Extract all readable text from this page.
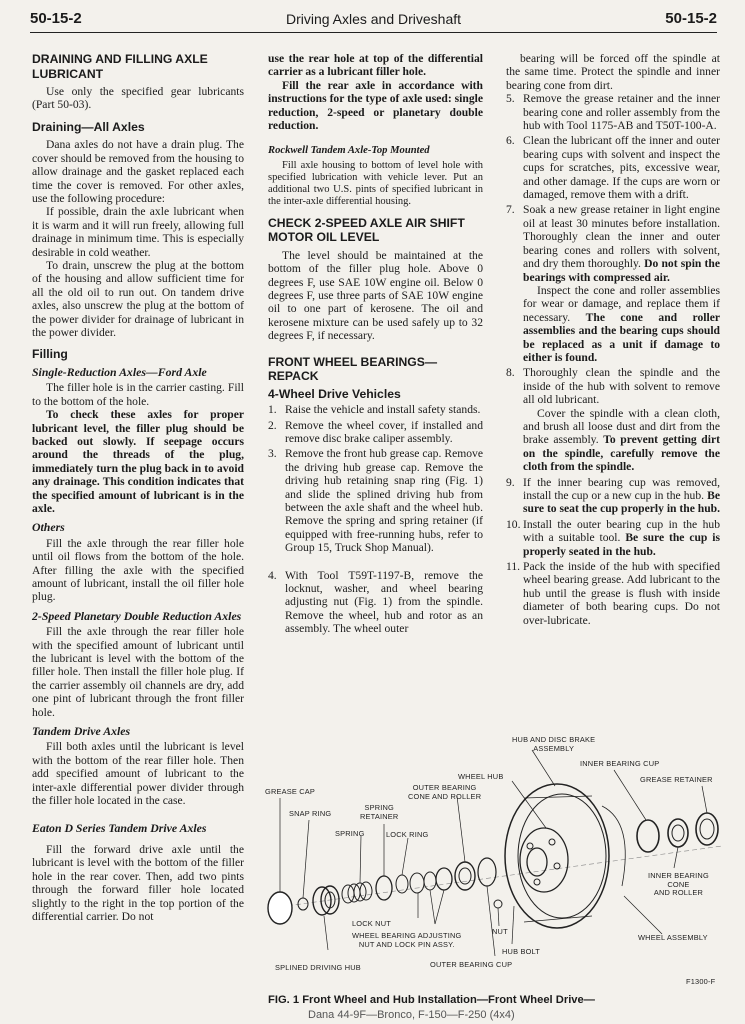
50-15-2	Driving Axles and Driveshaft	50-15-2
DRAINING AND FILLING AXLE LUBRICANT

Use only the specified gear lubricants (Part 50-03).

Draining—All Axles

Dana axles do not have a drain plug. The cover should be removed from the housing to allow drainage and the gasket replaced each time the cover is removed. For other axles, use the following procedure:

If possible, drain the axle lubricant when it is warm and it will run freely, allowing full drainage in minimum time. This is especially desirable in cold weather.

To drain, unscrew the plug at the bottom of the housing and allow sufficient time for all the old oil to run out. On tandem drive axles, also unscrew the plug at the bottom of the power divider for drainage of lubricant in the power divider.

Filling
Single-Reduction Axles—Ford Axle

The filler hole is in the carrier casting. Fill to the bottom of the hole.

To check these axles for proper lubricant level, the filler plug should be backed out slowly. If seepage occurs around the threads of the plug, immediately turn the plug back in to avoid any drainage. This condition indicates that the specified amount of lubricant is in the axle.

Others

Fill the axle through the rear filler hole until oil flows from the bottom of the hole. After filling the axle with the specified amount of lubricant, install the oil filler hole plug.

2-Speed Planetary Double Reduction Axles

Fill the axle through the rear filler hole with the specified amount of lubricant until the lubricant is level with the bottom of the filler hole. Then install the filler hole plug. If the carrier assembly oil channels are dry, add one pint of lubricant through the front filler hole.

Tandem Drive Axles

Fill both axles until the lubricant is level with the bottom of the rear filler hole. Then add specified amount of lubricant to the inter-axle differential power divider through the filler hole located in the case.

Eaton D Series Tandem Drive Axles

Fill the forward drive axle until the lubricant is level with the bottom of the filler hole in the rear cover. Then, add two pints through the forward filler hole located slightly to the right in the top portion of the differential carrier. Do not

use the rear hole at top of the differential carrier as a lubricant filler hole.

Fill the rear axle in accordance with instructions for the type of axle used: single reduction, 2-speed or planetary double reduction.

Rockwell Tandem Axle-Top Mounted

Fill axle housing to bottom of level hole with specified lubrication with vehicle lever. Put an additional two U.S. pints of specified lubricant in the inter-axle differential housing.

CHECK 2-SPEED AXLE AIR SHIFT MOTOR OIL LEVEL

The level should be maintained at the bottom of the filler plug hole. Above 0 degrees F, use SAE 10W engine oil. Below 0 degrees F, use three parts of SAE 10W engine oil to one part of kerosene. The oil and kerosene mixture can be used safely up to 32 degrees F, if necessary.

FRONT WHEEL BEARINGS—REPACK
4-Wheel Drive Vehicles
1. Raise the vehicle and install safety stands.
2. Remove the wheel cover, if installed and remove disc brake caliper assembly.
3. Remove the front hub grease cap. Remove the driving hub grease cap. Remove the driving hub retaining snap ring (Fig. 1) and slide the splined driving hub from between the axle shaft and the wheel hub. Remove the spring and spring retainer (if equipped with free-running hubs, refer to Group 15, Truck Shop Manual).
4. With Tool T59T-1197-B, remove the locknut, washer, and wheel bearing adjusting nut (Fig. 1) from the spindle. Remove the wheel, hub and rotor as an assembly. The wheel outer

bearing will be forced off the spindle at the same time. Protect the spindle and inner bearing cone from dirt.

5. Remove the grease retainer and the inner bearing cone and roller assembly from the hub with Tool 1175-AB and T50T-100-A.
6. Clean the lubricant off the inner and outer bearing cups with solvent and inspect the cups for scratches, pits, excessive wear, and other damage. If the cups are worn or damaged, remove them with a drift.
7. Soak a new grease retainer in light engine oil at least 30 minutes before installation. Thoroughly clean the inner and outer bearing cones and rollers with solvent, and dry them thoroughly. Do not spin the bearings with compressed air.
Inspect the cone and roller assemblies for wear or damage, and replace them if necessary. The cone and roller assemblies and the bearing cups should be replaced as a unit if damage to either is found.
8. Thoroughly clean the spindle and the inside of the hub with solvent to remove all old lubricant.
Cover the spindle with a clean cloth, and brush all loose dust and dirt from the brake assembly. To prevent getting dirt on the spindle, carefully remove the cloth from the spindle.
9. If the inner bearing cup was removed, install the cup or a new cup in the hub. Be sure to seat the cup properly in the hub.
10. Install the outer bearing cup in the hub with a suitable tool. Be sure the cup is properly seated in the hub.
11. Pack the inside of the hub with specified wheel bearing grease. Add lubricant to the hub until the grease is flush with inside diameter of both bearing cups. Do not over-lubricate.
HUB AND DISC BRAKE
ASSEMBLY
INNER BEARING CUP
GREASE RETAINER
WHEEL HUB
GREASE CAP	OUTER BEARING
CONE AND ROLLER
SNAP RING
SPRING
RETAINER
SPRING	LOCK RING
INNER BEARING
CONE
AND ROLLER
LOCK NUT
NUT
WHEEL BEARING ADJUSTING
NUT AND LOCK PIN ASSY.
WHEEL ASSEMBLY
HUB BOLT
SPLINED DRIVING HUB	OUTER BEARING CUP
F1300-F
FIG. 1 Front Wheel and Hub Installation—Front Wheel Drive—
Dana 44-9F—Bronco, F-150—F-250 (4x4)
